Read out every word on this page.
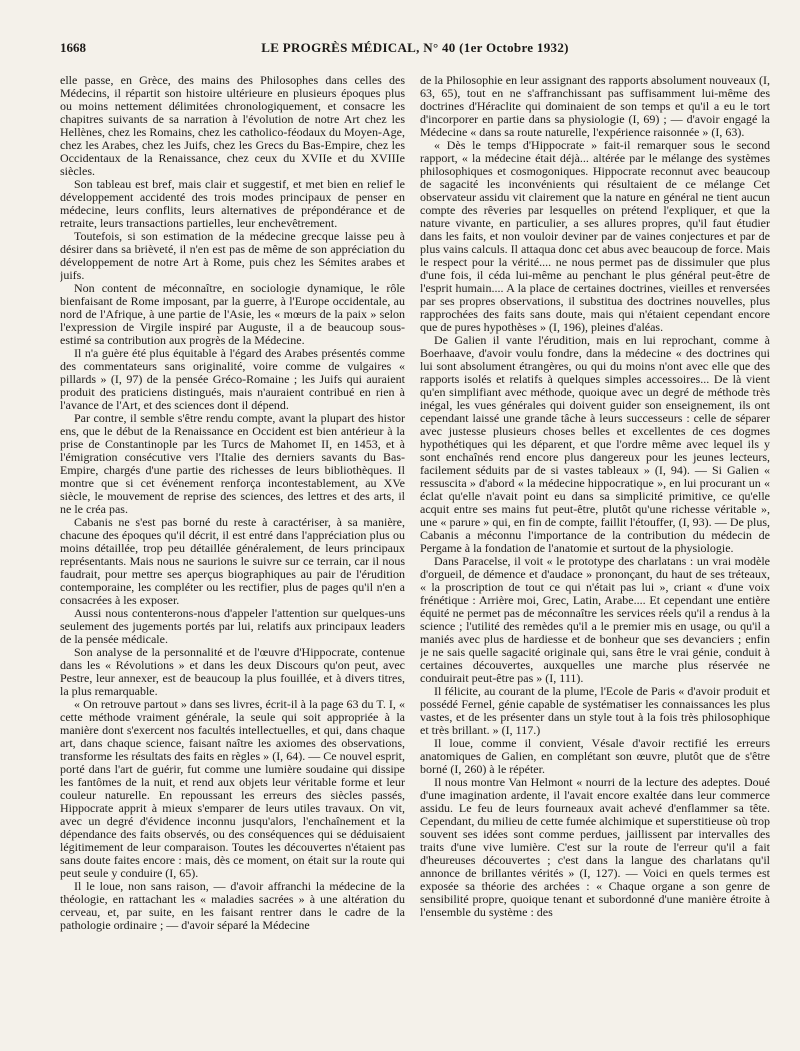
1668	LE PROGRÈS MÉDICAL, N° 40 (1er Octobre 1932)

elle passe, en Grèce, des mains des Philosophes dans celles des Médecins, il répartit son histoire ultérieure en plusieurs époques plus ou moins nettement délimitées chronologiquement, et consacre les chapitres suivants de sa narration à l'évolution de notre Art chez les Hellènes, chez les Romains, chez les catholico-féodaux du Moyen-Age, chez les Arabes, chez les Juifs, chez les Grecs du Bas-Empire, chez les Occidentaux de la Renaissance, chez ceux du XVIIe et du XVIIIe siècles.

Son tableau est bref, mais clair et suggestif, et met bien en relief le développement accidenté des trois modes principaux de penser en médecine, leurs conflits, leurs alternatives de prépondérance et de retraite, leurs transactions partielles, leur enchevêtrement.

Toutefois, si son estimation de la médecine grecque laisse peu à désirer dans sa brièveté, il n'en est pas de même de son appréciation du développement de notre Art à Rome, puis chez les Sémites arabes et juifs.

Non content de méconnaître, en sociologie dynamique, le rôle bienfaisant de Rome imposant, par la guerre, à l'Europe occidentale, au nord de l'Afrique, à une partie de l'Asie, les « mœurs de la paix » selon l'expression de Virgile inspiré par Auguste, il a de beaucoup sous-estimé sa contribution aux progrès de la Médecine.

Il n'a guère été plus équitable à l'égard des Arabes présentés comme des commentateurs sans originalité, voire comme de vulgaires « pillards » (I, 97) de la pensée Gréco-Romaine ; les Juifs qui auraient produit des praticiens distingués, mais n'auraient contribué en rien à l'avance de l'Art, et des sciences dont il dépend.

Par contre, il semble s'être rendu compte, avant la plupart des histor ens, que le début de la Renaissance en Occident est bien antérieur à la prise de Constantinople par les Turcs de Mahomet II, en 1453, et à l'émigration consécutive vers l'Italie des derniers savants du Bas-Empire, chargés d'une partie des richesses de leurs bibliothèques. Il montre que si cet événement renforça incontestablement, au XVe siècle, le mouvement de reprise des sciences, des lettres et des arts, il ne le créa pas.

Cabanis ne s'est pas borné du reste à caractériser, à sa manière, chacune des époques qu'il décrit, il est entré dans l'appréciation plus ou moins détaillée, trop peu détaillée généralement, de leurs principaux représentants. Mais nous ne saurions le suivre sur ce terrain, car il nous faudrait, pour mettre ses aperçus biographiques au pair de l'érudition contemporaine, les compléter ou les rectifier, plus de pages qu'il n'en a consacrées à les exposer.

Aussi nous contenterons-nous d'appeler l'attention sur quelques-uns seulement des jugements portés par lui, relatifs aux principaux leaders de la pensée médicale.

Son analyse de la personnalité et de l'œuvre d'Hippocrate, contenue dans les « Révolutions » et dans les deux Discours qu'on peut, avec Pestre, leur annexer, est de beaucoup la plus fouillée, et à divers titres, la plus remarquable.

« On retrouve partout » dans ses livres, écrit-il à la page 63 du T. I, « cette méthode vraiment générale, la seule qui soit appropriée à la manière dont s'exercent nos facultés intellectuelles, et qui, dans chaque art, dans chaque science, faisant naître les axiomes des observations, transforme les résultats des faits en règles » (I, 64). — Ce nouvel esprit, porté dans l'art de guérir, fut comme une lumière soudaine qui dissipe les fantômes de la nuit, et rend aux objets leur véritable forme et leur couleur naturelle. En repoussant les erreurs des siècles passés, Hippocrate apprit à mieux s'emparer de leurs utiles travaux. On vit, avec un degré d'évidence inconnu jusqu'alors, l'enchaînement et la dépendance des faits observés, ou des conséquences qui se déduisaient légitimement de leur comparaison. Toutes les découvertes n'étaient pas sans doute faites encore : mais, dès ce moment, on était sur la route qui peut seule y conduire (I, 65).

Il le loue, non sans raison, — d'avoir affranchi la médecine de la théologie, en rattachant les « maladies sacrées » à une altération du cerveau, et, par suite, en les faisant rentrer dans le cadre de la pathologie ordinaire ; — d'avoir séparé la Médecine

de la Philosophie en leur assignant des rapports absolument nouveaux (I, 63, 65), tout en ne s'affranchissant pas suffisamment lui-même des doctrines d'Héraclite qui dominaient de son temps et qu'il a eu le tort d'incorporer en partie dans sa physiologie (I, 69) ; — d'avoir engagé la Médecine « dans sa route naturelle, l'expérience raisonnée » (I, 63).

« Dès le temps d'Hippocrate » fait-il remarquer sous le second rapport, « la médecine était déjà... altérée par le mélange des systèmes philosophiques et cosmogoniques. Hippocrate reconnut avec beaucoup de sagacité les inconvénients qui résultaient de ce mélange Cet observateur assidu vit clairement que la nature en général ne tient aucun compte des rêveries par lesquelles on prétend l'expliquer, et que la nature vivante, en particulier, a ses allures propres, qu'il faut étudier dans les faits, et non vouloir deviner par de vaines conjectures et par de plus vains calculs. Il attaqua donc cet abus avec beaucoup de force. Mais le respect pour la vérité.... ne nous permet pas de dissimuler que plus d'une fois, il céda lui-même au penchant le plus général peut-être de l'esprit humain.... A la place de certaines doctrines, vieilles et renversées par ses propres observations, il substitua des doctrines nouvelles, plus rapprochées des faits sans doute, mais qui n'étaient cependant encore que de pures hypothèses » (I, 196), pleines d'aléas.

De Galien il vante l'érudition, mais en lui reprochant, comme à Boerhaave, d'avoir voulu fondre, dans la médecine « des doctrines qui lui sont absolument étrangères, ou qui du moins n'ont avec elle que des rapports isolés et relatifs à quelques simples accessoires... De là vient qu'en simplifiant avec méthode, quoique avec un degré de méthode très inégal, les vues générales qui doivent guider son enseignement, ils ont cependant laissé une grande tâche à leurs successeurs : celle de séparer avec justesse plusieurs choses belles et excellentes de ces dogmes hypothétiques qui les déparent, et que l'ordre même avec lequel ils y sont enchaînés rend encore plus dangereux pour les jeunes lecteurs, facilement séduits par de si vastes tableaux » (I, 94). — Si Galien « ressuscita » d'abord « la médecine hippocratique », en lui procurant un « éclat qu'elle n'avait point eu dans sa simplicité primitive, ce qu'elle acquit entre ses mains fut peut-être, plutôt qu'une richesse véritable », une « parure » qui, en fin de compte, faillit l'étouffer, (I, 93). — De plus, Cabanis a méconnu l'importance de la contribution du médecin de Pergame à la fondation de l'anatomie et surtout de la physiologie.

Dans Paracelse, il voit « le prototype des charlatans : un vrai modèle d'orgueil, de démence et d'audace » prononçant, du haut de ses tréteaux, « la proscription de tout ce qui n'était pas lui », criant « d'une voix frénétique : Arrière moi, Grec, Latin, Arabe.... Et cependant une entière équité ne permet pas de méconnaître les services réels qu'il a rendus à la science ; l'utilité des remèdes qu'il a le premier mis en usage, ou qu'il a maniés avec plus de hardiesse et de bonheur que ses devanciers ; enfin je ne sais quelle sagacité originale qui, sans être le vrai génie, conduit à certaines découvertes, auxquelles une marche plus réservée ne conduirait peut-être pas » (I, 111).

Il félicite, au courant de la plume, l'Ecole de Paris « d'avoir produit et possédé Fernel, génie capable de systématiser les connaissances les plus vastes, et de les présenter dans un style tout à la fois très philosophique et très brillant. » (I, 117.)

Il loue, comme il convient, Vésale d'avoir rectifié les erreurs anatomiques de Galien, en complétant son œuvre, plutôt que de s'être borné (I, 260) à le répéter.

Il nous montre Van Helmont « nourri de la lecture des adeptes. Doué d'une imagination ardente, il l'avait encore exaltée dans leur commerce assidu. Le feu de leurs fourneaux avait achevé d'enflammer sa tête. Cependant, du milieu de cette fumée alchimique et superstitieuse où trop souvent ses idées sont comme perdues, jaillissent par intervalles des traits d'une vive lumière. C'est sur la route de l'erreur qu'il a fait d'heureuses découvertes ; c'est dans la langue des charlatans qu'il annonce de brillantes vérités » (I, 127). — Voici en quels termes est exposée sa théorie des archées : « Chaque organe a son genre de sensibilité propre, quoique tenant et subordonné d'une manière étroite à l'ensemble du système : des
